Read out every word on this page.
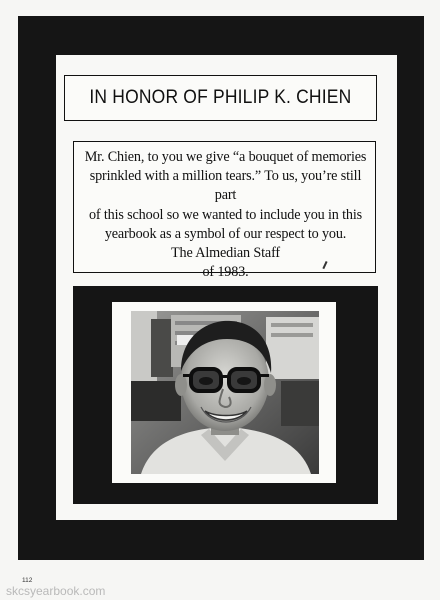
IN HONOR OF PHILIP K. CHIEN

Mr. Chien, to you we give “a bouquet of memories

sprinkled with a million tears.” To us, you’re still part

of this school so we wanted to include you in this

yearbook as a symbol of our respect to you.

The Almedian Staff

of 1983.

112
skcsyearbook.com
